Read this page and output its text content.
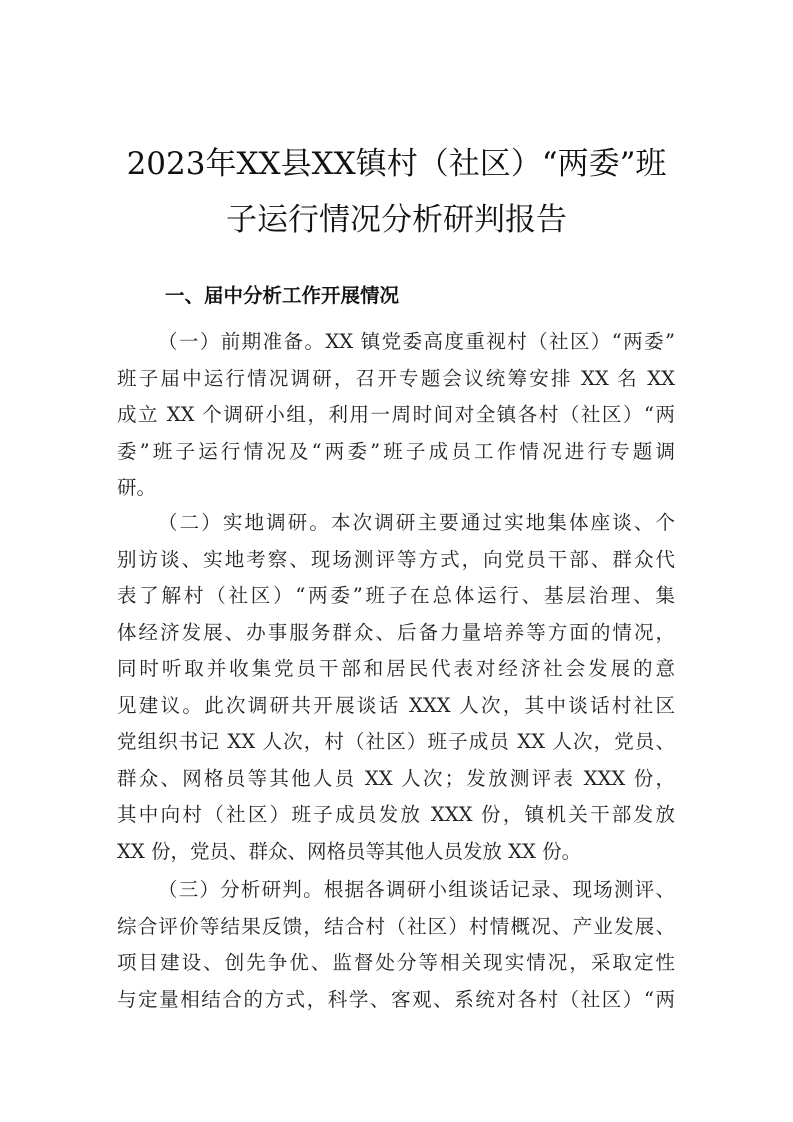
2023年XX县XX镇村（社区）“两委”班
子运行情况分析研判报告
一、届中分析工作开展情况
（一）前期准备。XX 镇党委高度重视村（社区）“两委”
班子届中运行情况调研，召开专题会议统筹安排 XX 名 XX
成立 XX 个调研小组，利用一周时间对全镇各村（社区）“两
委”班子运行情况及“两委”班子成员工作情况进行专题调
研。
（二）实地调研。本次调研主要通过实地集体座谈、个
别访谈、实地考察、现场测评等方式，向党员干部、群众代
表了解村（社区）“两委”班子在总体运行、基层治理、集
体经济发展、办事服务群众、后备力量培养等方面的情况，
同时听取并收集党员干部和居民代表对经济社会发展的意
见建议。此次调研共开展谈话 XXX 人次，其中谈话村社区
党组织书记 XX 人次，村（社区）班子成员 XX 人次，党员、
群众、网格员等其他人员 XX 人次；发放测评表 XXX 份，
其中向村（社区）班子成员发放 XXX 份，镇机关干部发放
XX 份，党员、群众、网格员等其他人员发放 XX 份。
（三）分析研判。根据各调研小组谈话记录、现场测评、
综合评价等结果反馈，结合村（社区）村情概况、产业发展、
项目建设、创先争优、监督处分等相关现实情况，采取定性
与定量相结合的方式，科学、客观、系统对各村（社区）“两
